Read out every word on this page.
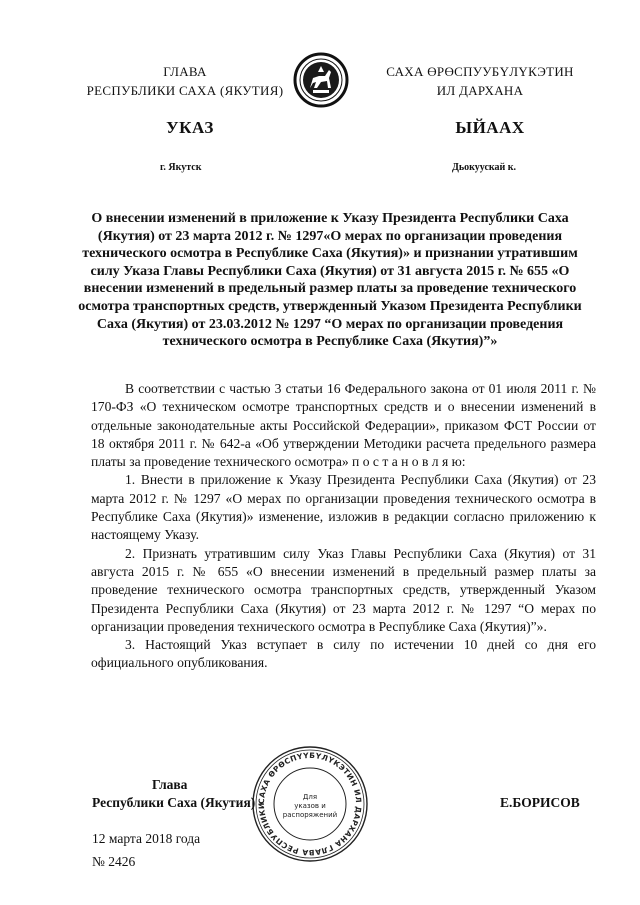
ГЛАВА
РЕСПУБЛИКИ САХА (ЯКУТИЯ)
САХА ӨРӨСПУУБҮЛҮКЭТИН
ИЛ ДАРХАНА
УКАЗ	ЫЙААХ
г. Якутск	Дьокуускай к.
О внесении изменений в приложение к Указу Президента Республики Саха (Якутия) от 23 марта 2012 г. № 1297«О мерах по организации проведения технического осмотра в Республике Саха (Якутия)» и признании утратившим силу Указа Главы Республики Саха (Якутия) от 31 августа 2015 г. № 655 «О внесении изменений в предельный размер платы за проведение технического осмотра транспортных средств, утвержденный Указом Президента Республики Саха (Якутия) от 23.03.2012 № 1297 “О мерах по организации проведения технического осмотра в Республике Саха (Якутия)”»

В соответствии с частью 3 статьи 16 Федерального закона от 01 июля 2011 г. № 170-ФЗ «О техническом осмотре транспортных средств и о внесении изменений в отдельные законодательные акты Российской Федерации», приказом ФСТ России от 18 октября 2011 г. № 642-а «Об утверждении Методики расчета предельного размера платы за проведение технического осмотра» п о с т а н о в л я ю:

1. Внести в приложение к Указу Президента Республики Саха (Якутия) от 23 марта 2012 г. № 1297 «О мерах по организации проведения технического осмотра в Республике Саха (Якутия)» изменение, изложив в редакции согласно приложению к настоящему Указу.

2. Признать утратившим силу Указ Главы Республики Саха (Якутия) от 31 августа 2015 г. № 655 «О внесении изменений в предельный размер платы за проведение технического осмотра транспортных средств, утвержденный Указом Президента Республики Саха (Якутия) от 23 марта 2012 г. № 1297 “О мерах по организации проведения технического осмотра в Республике Саха (Якутия)”».

3. Настоящий Указ вступает в силу по истечении 10 дней со дня его официального опубликования.

САХА ӨРӨСПҮҮБҮЛҮКЭТИН ИЛ ДАРХАНА ГЛАВА РЕСПУБЛИКИ
Для
указов и
распоряжений
Глава
Республики Саха (Якутия)	Е.БОРИСОВ
12 марта 2018 года
№ 2426
